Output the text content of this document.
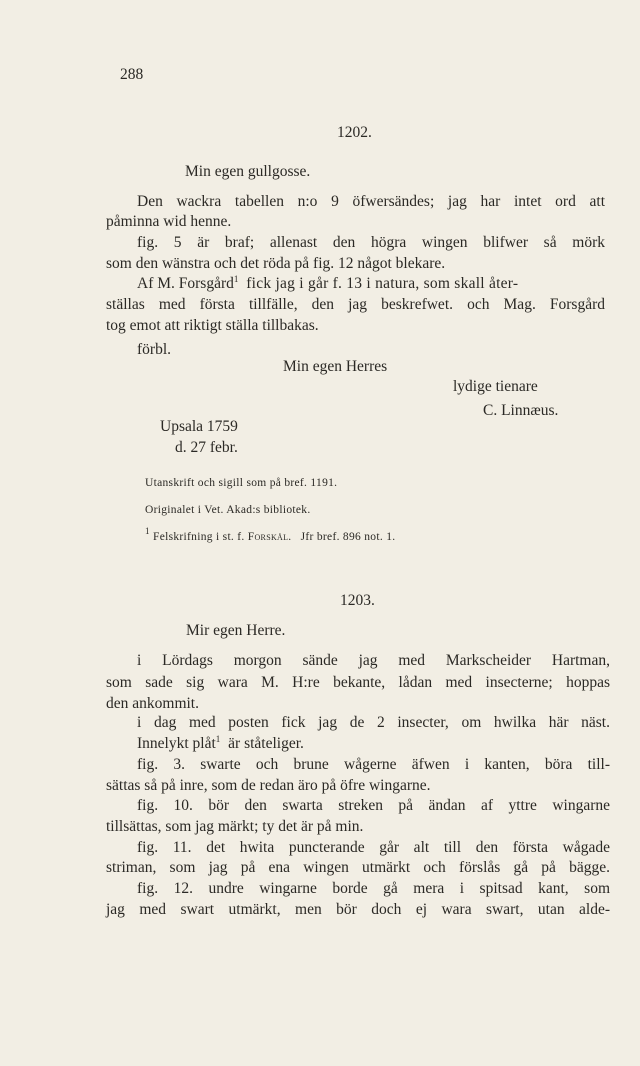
288
1202.
Min egen gullgosse.
Den wackra tabellen n:o 9 öfwersändes; jag har intet ord att
påminna wid henne.
fig. 5 är braf; allenast den högra wingen blifwer så mörk
som den wänstra och det röda på fig. 12 något blekare.
Af M. Forsgård$^1$ fick jag i går f. 13 i natura, som skall åter-
ställas med första tillfälle, den jag beskrefwet. och Mag. Forsgård
tog emot att riktigt ställa tillbakas.
förbl.
Min egen Herres
lydige tienare
C. Linnæus.
Upsala 1759
d. 27 febr.
Utanskrift och sigill som på bref. 1191.
Originalet i Vet. Akad:s bibliotek.
$^1$ Felskrifning i st. f. Forskål. Jfr bref. 896 not. 1.
1203.
Mir egen Herre.
i Lördags morgon sände jag med Markscheider Hartman,
som sade sig wara M. H:re bekante, lådan med insecterne; hoppas
den ankommit.
i dag med posten fick jag de 2 insecter, om hwilka här näst.
Innelykt plåt$^1$ är ståteliger.
fig. 3. swarte och brune wågerne äfwen i kanten, böra till-
sättas så på inre, som de redan äro på öfre wingarne.
fig. 10. bör den swarta streken på ändan af yttre wingarne
tillsättas, som jag märkt; ty det är på min.
fig. 11. det hwita puncterande går alt till den första wågade
striman, som jag på ena wingen utmärkt och förslås gå på bägge.
fig. 12. undre wingarne borde gå mera i spitsad kant, som
jag med swart utmärkt, men bör doch ej wara swart, utan alde-
